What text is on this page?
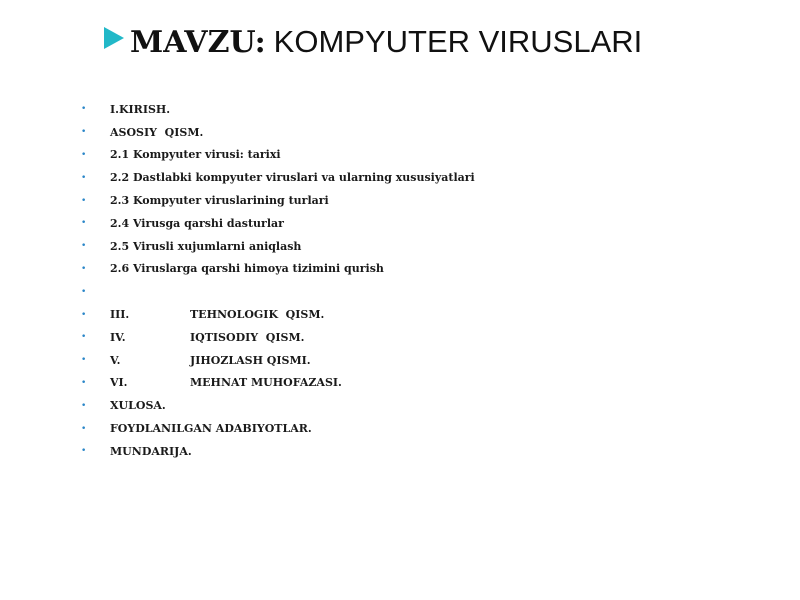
MAVZU: KOMPYUTER VIRUSLARI
• I.KIRISH.
• ASOSIY  QISM.
• 2.1 Kompyuter virusi: tarixi
• 2.2 Dastlabki kompyuter viruslari va ularning xususiyatlari
• 2.3 Kompyuter viruslarining turlari
• 2.4 Virusga qarshi dasturlar
• 2.5 Virusli xujumlarni aniqlash
• 2.6 Viruslarga qarshi himoya tizimini qurish
•
• III.	TEHNOLOGIK  QISM.
• IV.	IQTISODIY  QISM.
• V.	JIHOZLASH QISMI.
• VI.	MEHNAT MUHOFAZASI.
• XULOSA.
• FOYDLANILGAN ADABIYOTLAR.
• MUNDARIJA.
